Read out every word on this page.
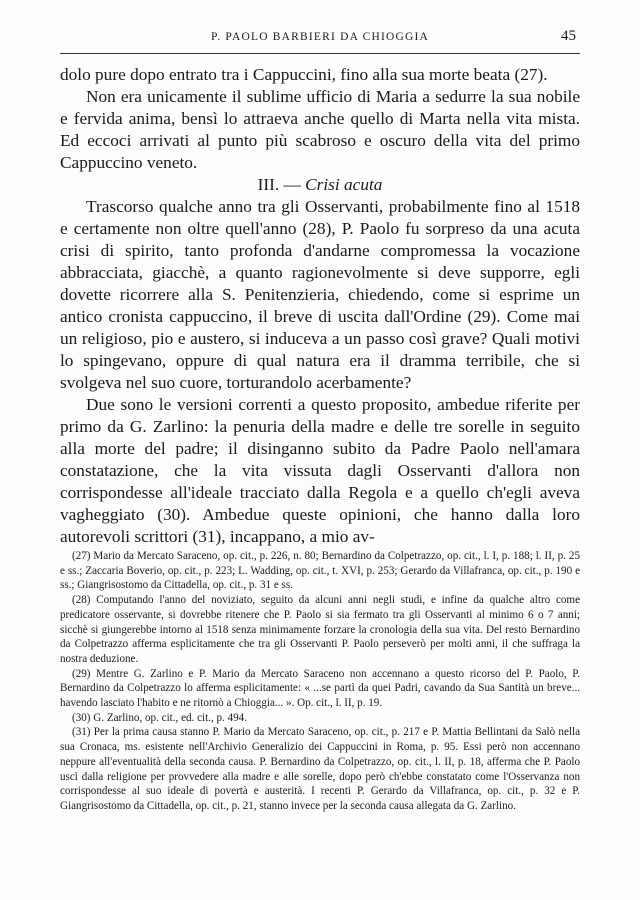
P. PAOLO BARBIERI DA CHIOGGIA	45

dolo pure dopo entrato tra i Cappuccini, fino alla sua morte beata (27).

Non era unicamente il sublime ufficio di Maria a sedurre la sua nobile e fervida anima, bensì lo attraeva anche quello di Marta nella vita mista. Ed eccoci arrivati al punto più scabroso e oscuro della vita del primo Cappuccino veneto.

III. — Crisi acuta

Trascorso qualche anno tra gli Osservanti, probabilmente fino al 1518 e certamente non oltre quell'anno (28), P. Paolo fu sorpreso da una acuta crisi di spirito, tanto profonda d'andarne compromessa la vocazione abbracciata, giacchè, a quanto ragionevolmente si deve supporre, egli dovette ricorrere alla S. Penitenzieria, chiedendo, come si esprime un antico cronista cappuccino, il breve di uscita dall'Ordine (29). Come mai un religioso, pio e austero, si induceva a un passo così grave? Quali motivi lo spingevano, oppure di qual natura era il dramma terribile, che si svolgeva nel suo cuore, torturandolo acerbamente?

Due sono le versioni correnti a questo proposito, ambedue riferite per primo da G. Zarlino: la penuria della madre e delle tre sorelle in seguito alla morte del padre; il disinganno subito da Padre Paolo nell'amara constatazione, che la vita vissuta dagli Osservanti d'allora non corrispondesse all'ideale tracciato dalla Regola e a quello ch'egli aveva vagheggiato (30). Ambedue queste opinioni, che hanno dalla loro autorevoli scrittori (31), incappano, a mio av-

(27) Mario da Mercato Saraceno, op. cit., p. 226, n. 80; Bernardino da Colpetrazzo, op. cit., l. I, p. 188; l. II, p. 25 e ss.; Zaccaria Boverio, op. cit., p. 223; L. Wadding, op. cit., t. XVI, p. 253; Gerardo da Villafranca, op. cit., p. 190 e ss.; Giangrisostomo da Cittadella, op. cit., p. 31 e ss.

(28) Computando l'anno del noviziato, seguito da alcuni anni negli studi, e infine da qualche altro come predicatore osservante, si dovrebbe ritenere che P. Paolo si sia fermato tra gli Osservanti al minimo 6 o 7 anni; sicchè si giungerebbe intorno al 1518 senza minimamente forzare la cronologia della sua vita. Del resto Bernardino da Colpetrazzo afferma esplicitamente che tra gli Osservanti P. Paolo perseverò per molti anni, il che suffraga la nostra deduzione.

(29) Mentre G. Zarlino e P. Mario da Mercato Saraceno non accennano a questo ricorso del P. Paolo, P. Bernardino da Colpetrazzo lo afferma esplicitamente: « ...se partì da quei Padri, cavando da Sua Santità un breve... havendo lasciato l'habito e ne ritornò a Chioggia... ». Op. cit., l. II, p. 19.

(30) G. Zarlino, op. cit., ed. cit., p. 494.

(31) Per la prima causa stanno P. Mario da Mercato Saraceno, op. cit., p. 217 e P. Mattia Bellintani da Salò nella sua Cronaca, ms. esistente nell'Archivio Generalizio dei Cappuccini in Roma, p. 95. Essi però non accennano neppure all'eventualità della seconda causa. P. Bernardino da Colpetrazzo, op. cit., l. II, p. 18, afferma che P. Paolo uscì dalla religione per provvedere alla madre e alle sorelle, dopo però ch'ebbe constatato come l'Osservanza non corrispondesse al suo ideale di povertà e austerità. I recenti P. Gerardo da Villafranca, op. cit., p. 32 e P. Giangrisostomo da Cittadella, op. cit., p. 21, stanno invece per la seconda causa allegata da G. Zarlino.
